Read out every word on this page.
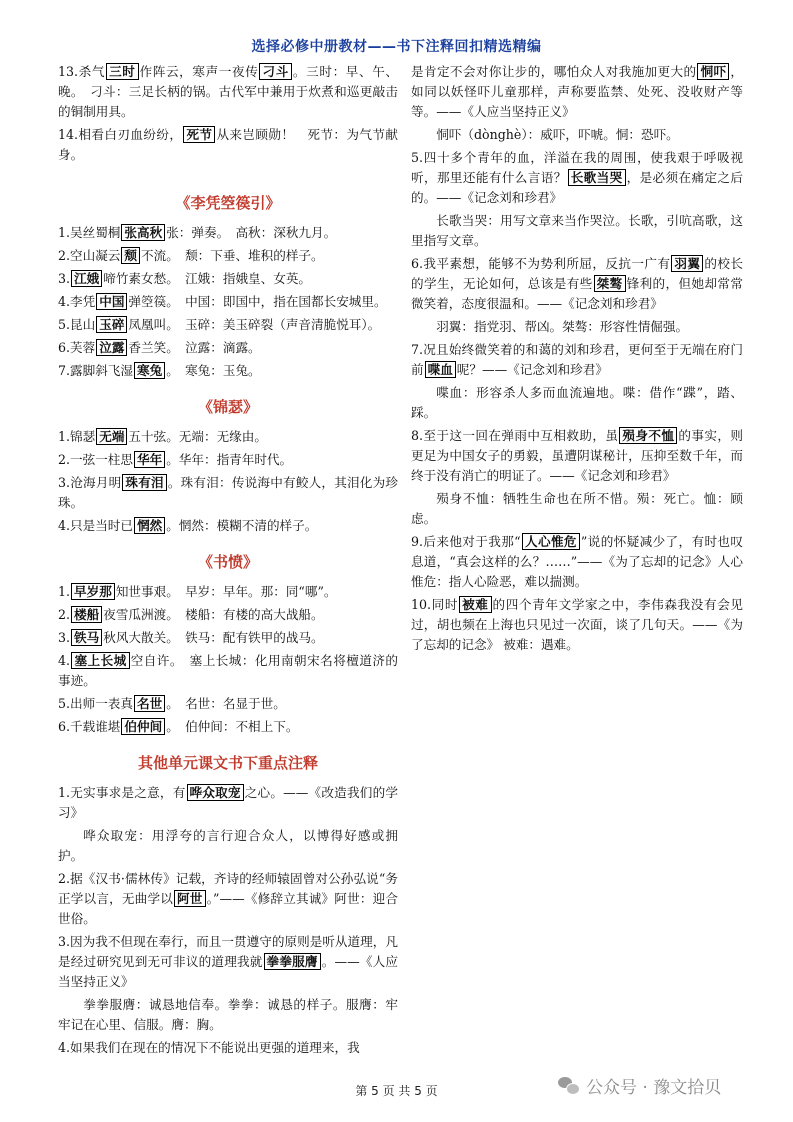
选择必修中册教材——书下注释回扣精选精编

13.杀气 三时 作阵云，寒声一夜传 刁斗 。三时：早、午、晚。　刁斗：三足长柄的锅。古代军中兼用于炊煮和巡更敲击的铜制用具。

14.相看白刃血纷纷， 死节 从来岂顾勋！　死节：为气节献身。

《李凭箜篌引》

1.吴丝蜀桐 张高秋 张：弹奏。　高秋：深秋九月。

2.空山凝云 颓 不流。　颓：下垂、堆积的样子。

3. 江娥 啼竹素女愁。　江娥：指娥皇、女英。

4.李凭 中国 弹箜篌。　中国：即国中，指在国都长安城里。

5.昆山 玉碎 凤凰叫。　玉碎：美玉碎裂（声音清脆悦耳）。

6.芙蓉 泣露 香兰笑。　泣露：滴露。

7.露脚斜飞湿 寒兔 。　寒兔：玉兔。

《锦瑟》

1.锦瑟 无端 五十弦。无端：无缘由。

2.一弦一柱思 华年 。华年：指青年时代。

3.沧海月明 珠有泪 。珠有泪：传说海中有鲛人，其泪化为珍珠。

4.只是当时已 惘然 。惘然：模糊不清的样子。

《书愤》

1. 早岁那 知世事艰。　早岁：早年。那：同“哪”。

2. 楼船 夜雪瓜洲渡。　楼船：有楼的高大战船。

3. 铁马 秋风大散关。　铁马：配有铁甲的战马。

4. 塞上长城 空自许。　塞上长城：化用南朝宋名将檀道济的事迹。

5.出师一表真 名世 。　名世：名显于世。

6.千载谁堪 伯仲间 。　伯仲间：不相上下。

其他单元课文书下重点注释

1.无实事求是之意，有 哗众取宠 之心。——《改造我们的学习》

哗众取宠：用浮夸的言行迎合众人，以博得好感或拥护。

2.据《汉书·儒林传》记载，齐诗的经师辕固曾对公孙弘说“务正学以言，无曲学以 阿世 。”——《修辞立其诚》阿世：迎合世俗。

3.因为我不但现在奉行，而且一贯遵守的原则是听从道理，凡是经过研究见到无可非议的道理我就 拳拳服膺 。——《人应当坚持正义》

拳拳服膺：诚恳地信奉。拳拳：诚恳的样子。服膺：牢牢记在心里、信服。膺：胸。

4.如果我们在现在的情况下不能说出更强的道理来，我

是肯定不会对你让步的，哪怕众人对我施加更大的 恫吓 ，如同以妖怪吓儿童那样，声称要监禁、处死、没收财产等等。——《人应当坚持正义》

恫吓（dònghè）：威吓，吓唬。恫：恐吓。

5.四十多个青年的血，洋溢在我的周围，使我艰于呼吸视听，那里还能有什么言语？ 长歌当哭 ，是必须在痛定之后的。——《记念刘和珍君》

长歌当哭：用写文章来当作哭泣。长歌，引吭高歌，这里指写文章。

6.我平素想，能够不为势利所屈，反抗一广有 羽翼 的校长的学生，无论如何，总该是有些 桀骜 锋利的，但她却常常微笑着，态度很温和。——《记念刘和珍君》

羽翼：指党羽、帮凶。桀骜：形容性情倔强。

7.况且始终微笑着的和蔼的刘和珍君，更何至于无端在府门前 喋血 呢？——《记念刘和珍君》

喋血：形容杀人多而血流遍地。喋：借作“蹀”，踏、踩。

8.至于这一回在弹雨中互相救助，虽 殒身不恤 的事实，则更足为中国女子的勇毅，虽遭阴谋秘计，压抑至数千年，而终于没有消亡的明证了。——《记念刘和珍君》

殒身不恤：牺牲生命也在所不惜。殒：死亡。恤：顾虑。

9.后来他对于我那“ 人心惟危 ”说的怀疑减少了，有时也叹息道，“真会这样的么？……”——《为了忘却的记念》人心惟危：指人心险恶，难以揣测。

10.同时 被难 的四个青年文学家之中，李伟森我没有会见过，胡也频在上海也只见过一次面，谈了几句天。——《为了忘却的记念》 被难：遇难。

第 5 页 共 5 页	公众号 · 豫文拾贝
